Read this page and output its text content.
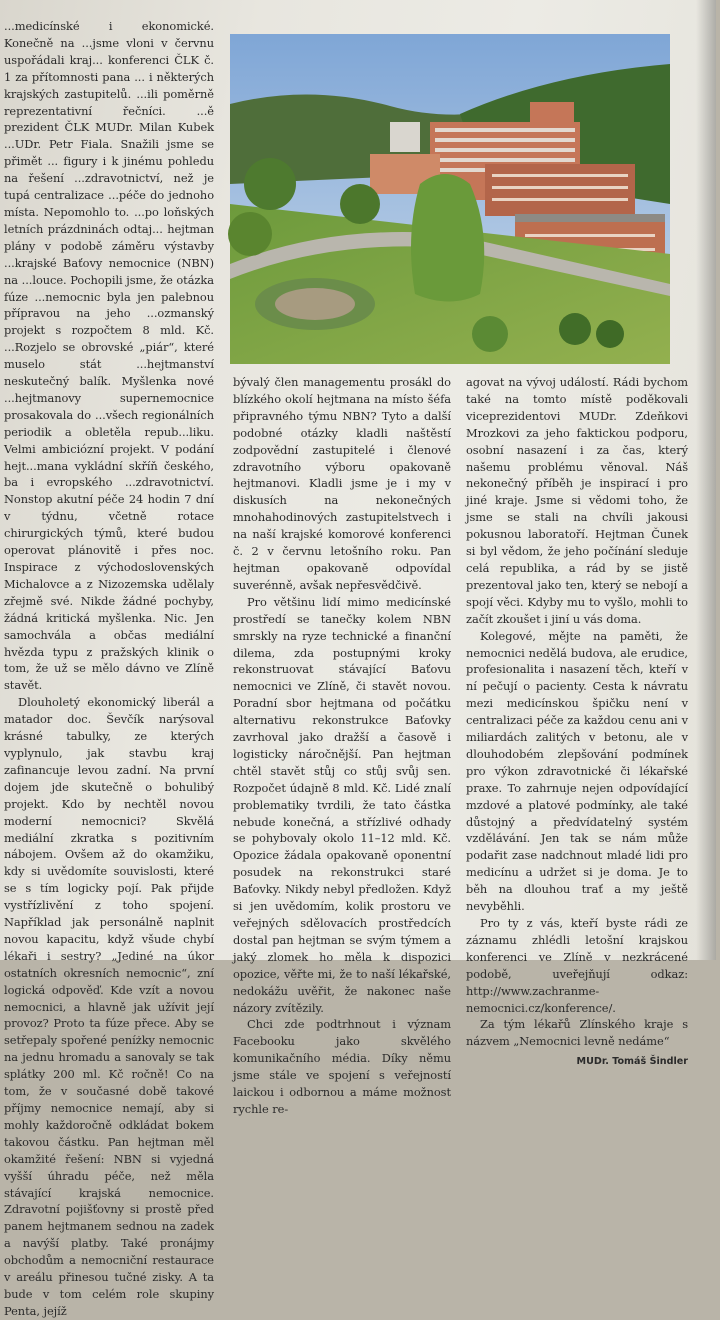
...medicínské i ekonomické. Konečně na ...jsme vloni v červnu uspořádali kraj... konferenci ČLK č. 1 za přítomnosti pana ... i některých krajských zastupitelů. ...ili poměrně reprezentativní řečníci. ...ě prezident ČLK MUDr. Milan Kubek ...UDr. Petr Fiala. Snažili jsme se přimět ... figury i k jinému pohledu na řešení ...zdravotnictví, než je tupá centralizace ...péče do jednoho místa. Nepomohlo to. ...po loňských letních prázdninách odtaj... hejtman plány v podobě záměru výstavby ...krajské Baťovy nemocnice (NBN) na ...louce. Pochopili jsme, že otázka fúze ...nemocnic byla jen palebnou přípravou na jeho ...ozmanský projekt s rozpočtem 8 mld. Kč. ...Rozjelo se obrovské „piár“, které muselo stát ...hejtmanství neskutečný balík. Myšlenka nové ...hejtmanovy supernemocnice prosakovala do ...všech regionálních periodik a obletěla repub...liku. Velmi ambiciózní projekt. V podání hejt...mana vykládní skříň českého, ba i evropského ...zdravotnictví. Nonstop akutní péče 24 hodin 7 dní v týdnu, včetně rotace chirurgických týmů, které budou operovat plánovitě i přes noc. Inspirace z východoslovenských Michalovce a z Nizozemska udělaly zřejmě své. Nikde žádné pochyby, žádná kritická myšlenka. Nic. Jen samochvála a občas mediální hvězda typu z pražských klinik o tom, že už se mělo dávno ve Zlíně stavět.

Dlouholetý ekonomický liberál a matador doc. Ševčík narýsoval krásné tabulky, ze kterých vyplynulo, jak stavbu kraj zafinancuje levou zadní. Na první dojem jde skutečně o bohulibý projekt. Kdo by nechtěl novou moderní nemocnici? Skvělá mediální zkratka s pozitivním nábojem. Ovšem až do okamžiku, kdy si uvědomíte souvislosti, které se s tím logicky pojí. Pak přijde vystřízlivění z toho spojení. Například jak personálně naplnit novou kapacitu, když všude chybí lékaři i sestry? „Jediné na úkor ostatních okresních nemocnic“, zní logická odpověď. Kde vzít a novou nemocnici, a hlavně jak užívit její provoz? Proto ta fúze přece. Aby se setřepaly spořené peníżky nemocnic na jednu hromadu a sanovaly se tak splátky 200 ml. Kč ročně! Co na tom, že v současné době takové příjmy nemocnice nemají, aby si mohly každoročně odkládat bokem takovou částku. Pan hejtman měl okamžité řešení: NBN si vyjedná vyšší úhradu péče, než měla stávající krajská nemocnice. Zdravotní pojišťovny si prostě před panem hejtmanem sednou na zadek a navýší platby. Také pronájmy obchodům a nemocniční restaurace v areálu přinesou tučné zisky. A ta bude v tom celém role skupiny Penta, jejíž

bývalý člen managementu prosákl do blízkého okolí hejtmana na místo šéfa připravného týmu NBN? Tyto a další podobné otázky kladli naštěstí zodpovědní zastupitelé i členové zdravotního výboru opakovaně hejtmanovi. Kladli jsme je i my v diskusích na nekonečných mnohahodinových zastupitelstvech i na naší krajské komorové konferenci č. 2 v červnu letošního roku. Pan hejtman opakovaně odpovídal suverénně, avšak nepřesvědčivě.

Pro většinu lidí mimo medicínské prostředí se tanečky kolem NBN smrskly na ryze technické a finanční dilema, zda postupnými kroky rekonstruovat stávající Baťovu nemocnici ve Zlíně, či stavět novou. Poradní sbor hejtmana od počátku alternativu rekonstrukce Baťovky zavrhoval jako dražší a časově i logisticky náročnější. Pan hejtman chtěl stavět stůj co stůj svůj sen. Rozpočet údajně 8 mld. Kč. Lidé znalí problematiky tvrdili, že tato částka nebude konečná, a střízlivé odhady se pohybovaly okolo 11–12 mld. Kč. Opozice žádala opakovaně oponentní posudek na rekonstrukci staré Baťovky. Nikdy nebyl předložen. Když si jen uvědomím, kolik prostoru ve veřejných sdělovacích prostředcích dostal pan hejtman se svým týmem a jaký zlomek ho měla k dispozici opozice, věřte mi, že to naší lékařské, nedokážu uvěřit, že nakonec naše názory zvítězily.

Chci zde podtrhnout i význam Facebooku jako skvělého komunikačního média. Díky němu jsme stále ve spojení s veřejností laickou i odbornou a máme možnost rychle re-

agovat na vývoj událostí. Rádi bychom také na tomto místě poděkovali viceprezidentovi MUDr. Zdeňkovi Mrozkovi za jeho faktickou podporu, osobní nasazení i za čas, který našemu problému věnoval. Náš nekonečný příběh je inspirací i pro jiné kraje. Jsme si vědomi toho, že jsme se stali na chvíli jakousi pokusnou laboratoří. Hejtman Čunek si byl vědom, že jeho počínání sleduje celá republika, a rád by se jistě prezentoval jako ten, který se nebojí a spojí věci. Kdyby mu to vyšlo, mohli to začít zkoušet i jiní u vás doma.

Kolegové, mějte na paměti, že nemocnici nedělá budova, ale erudice, profesionalita i nasazení těch, kteří v ní pečují o pacienty. Cesta k návratu mezi medicínskou špičku není v centralizaci péče za každou cenu ani v miliardách zalitých v betonu, ale v dlouhodobém zlepšování podmínek pro výkon zdravotnické či lékařské praxe. To zahrnuje nejen odpovídající mzdové a platové podmínky, ale také důstojný a předvídatelný systém vzdělávání. Jen tak se nám může podařit zase nadchnout mladé lidi pro medicínu a udržet si je doma. Je to běh na dlouhou trať a my ještě nevyběhli.

Pro ty z vás, kteří byste rádi ze záznamu zhlédli letošní krajskou konferenci ve Zlíně v nezkrácené podobě, uveřejňují odkaz: http://www.zachranme-nemocnici.cz/konference/.

Za tým lékařů Zlínského kraje s názvem „Nemocnici levně nedáme“

MUDr. Tomáš Šindler
